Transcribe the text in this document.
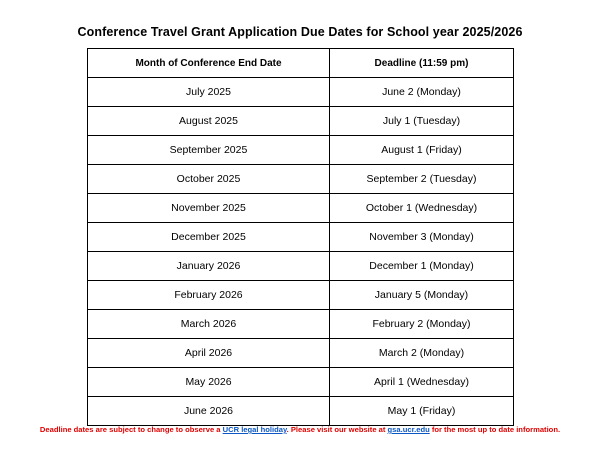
Conference Travel Grant Application Due Dates for School year 2025/2026
Month of Conference End Date	Deadline (11:59 pm)
July 2025	June 2 (Monday)
August 2025	July 1 (Tuesday)
September 2025	August 1 (Friday)
October 2025	September 2 (Tuesday)
November 2025	October 1 (Wednesday)
December 2025	November 3 (Monday)
January 2026	December 1 (Monday)
February 2026	January 5 (Monday)
March 2026	February 2 (Monday)
April 2026	March 2 (Monday)
May 2026	April 1 (Wednesday)
June 2026	May 1 (Friday)
Deadline dates are subject to change to observe a UCR legal holiday. Please visit our website at gsa.ucr.edu for the most up to date information.
